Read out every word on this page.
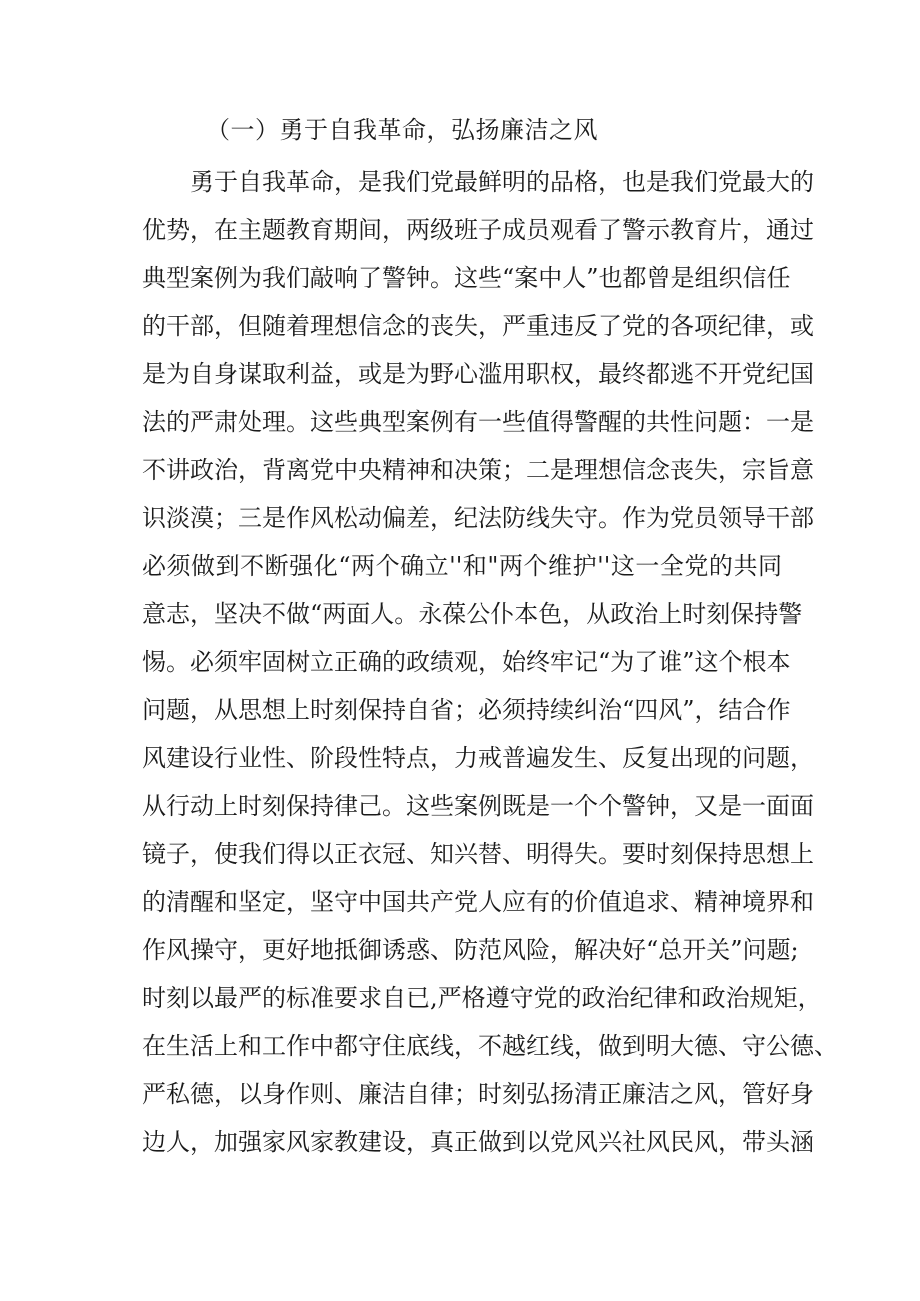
（一）勇于自我革命，弘扬廉洁之风
勇于自我革命，是我们党最鲜明的品格，也是我们党最大的
优势，在主题教育期间，两级班子成员观看了警示教育片，通过
典型案例为我们敲响了警钟。这些“案中人”也都曾是组织信任
的干部，但随着理想信念的丧失，严重违反了党的各项纪律，或
是为自身谋取利益，或是为野心滥用职权，最终都逃不开党纪国
法的严肃处理。这些典型案例有一些值得警醒的共性问题：一是
不讲政治，背离党中央精神和决策；二是理想信念丧失，宗旨意
识淡漠；三是作风松动偏差，纪法防线失守。作为党员领导干部
必须做到不断强化“两个确立''和"两个维护''这一全党的共同
意志，坚决不做“两面人。永葆公仆本色，从政治上时刻保持警
惕。必须牢固树立正确的政绩观，始终牢记“为了谁”这个根本
问题，从思想上时刻保持自省；必须持续纠治“四风”，结合作
风建设行业性、阶段性特点，力戒普遍发生、反复出现的问题，
从行动上时刻保持律己。这些案例既是一个个警钟，又是一面面
镜子，使我们得以正衣冠、知兴替、明得失。要时刻保持思想上
的清醒和坚定，坚守中国共产党人应有的价值追求、精神境界和
作风操守，更好地抵御诱惑、防范风险，解决好“总开关”问题;
时刻以最严的标准要求自已,严格遵守党的政治纪律和政治规矩，
在生活上和工作中都守住底线，不越红线，做到明大德、守公德、
严私德，以身作则、廉洁自律；时刻弘扬清正廉洁之风，管好身
边人，加强家风家教建设，真正做到以党风兴社风民风，带头涵
